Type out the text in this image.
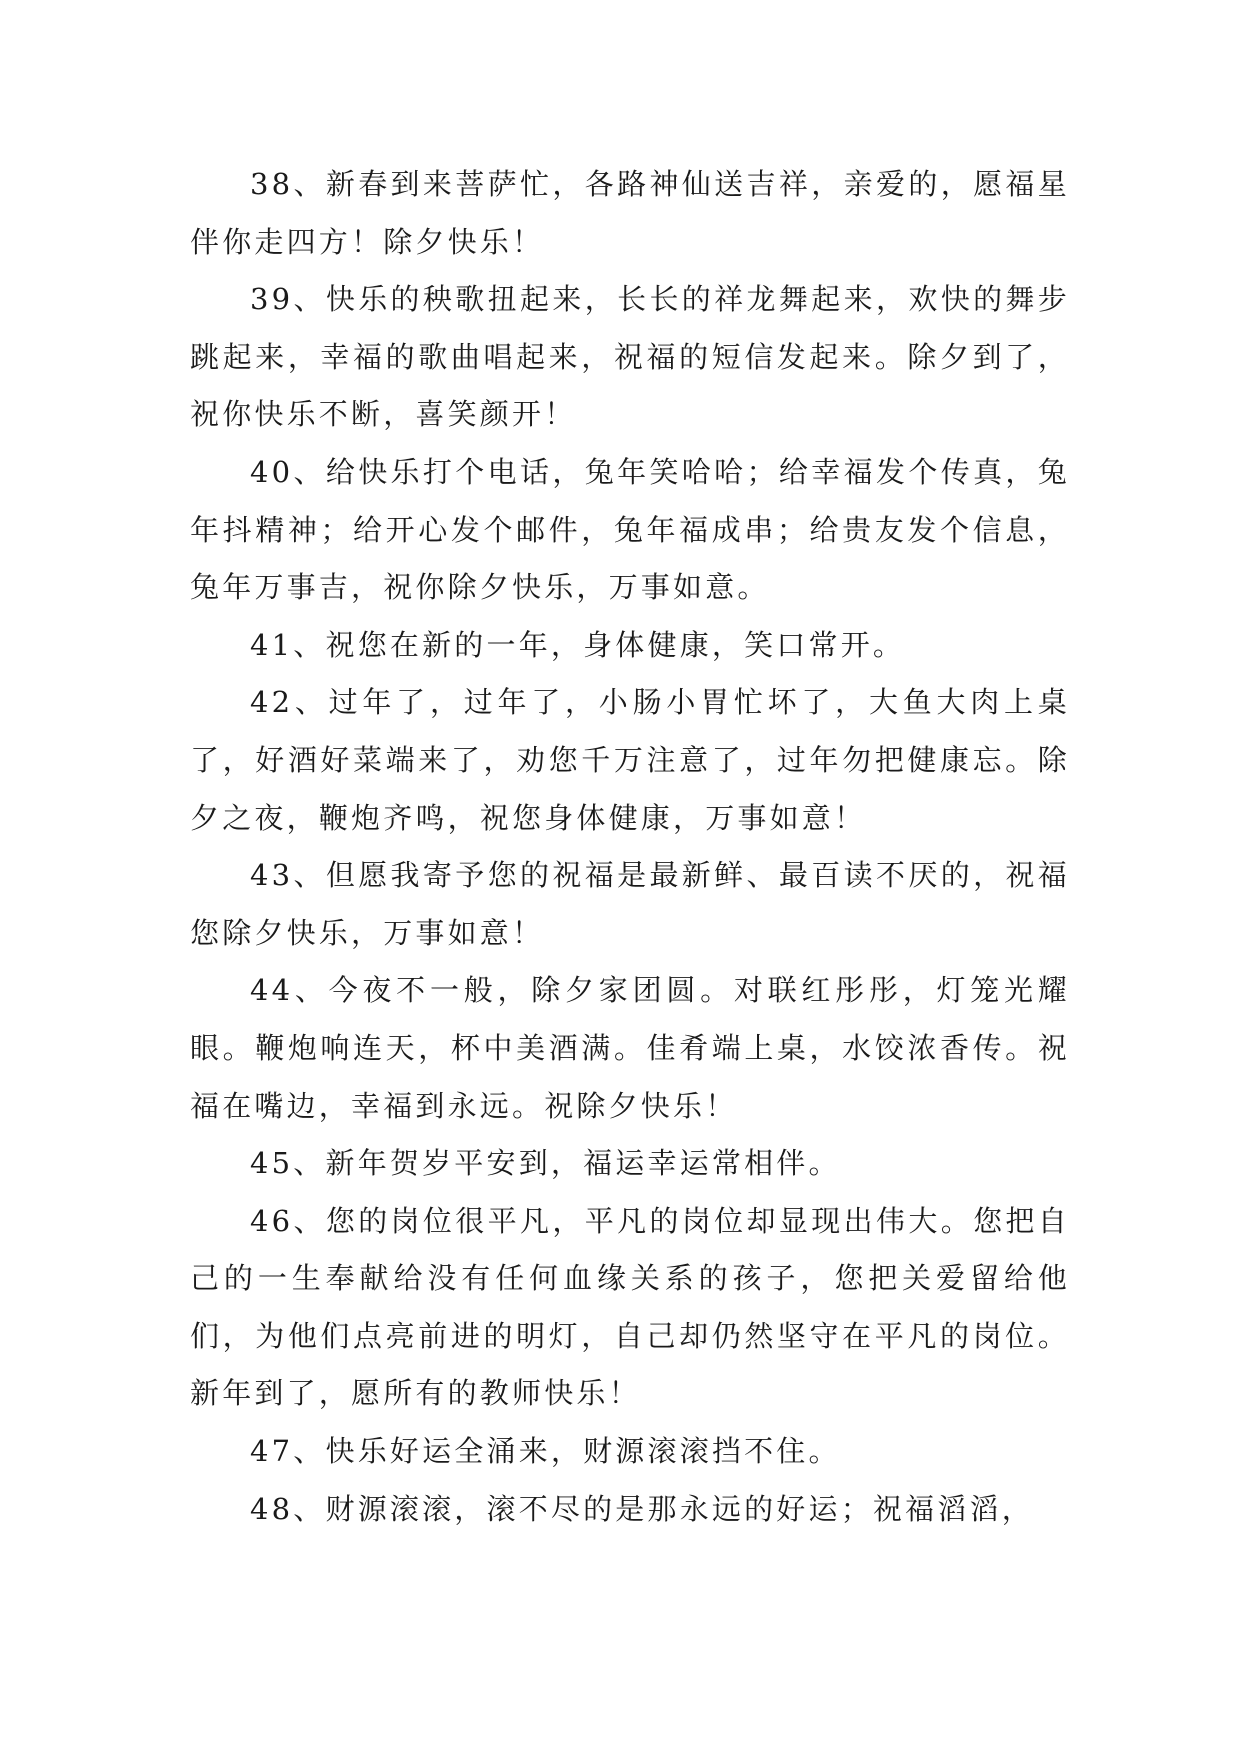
38、新春到来菩萨忙，各路神仙送吉祥，亲爱的，愿福星伴你走四方！除夕快乐！

39、快乐的秧歌扭起来，长长的祥龙舞起来，欢快的舞步跳起来，幸福的歌曲唱起来，祝福的短信发起来。除夕到了，祝你快乐不断，喜笑颜开！

40、给快乐打个电话，兔年笑哈哈；给幸福发个传真，兔年抖精神；给开心发个邮件，兔年福成串；给贵友发个信息，兔年万事吉，祝你除夕快乐，万事如意。

41、祝您在新的一年，身体健康，笑口常开。

42、过年了，过年了，小肠小胃忙坏了，大鱼大肉上桌了，好酒好菜端来了，劝您千万注意了，过年勿把健康忘。除夕之夜，鞭炮齐鸣，祝您身体健康，万事如意！

43、但愿我寄予您的祝福是最新鲜、最百读不厌的，祝福您除夕快乐，万事如意！

44、今夜不一般，除夕家团圆。对联红彤彤，灯笼光耀眼。鞭炮响连天，杯中美酒满。佳肴端上桌，水饺浓香传。祝福在嘴边，幸福到永远。祝除夕快乐！

45、新年贺岁平安到，福运幸运常相伴。

46、您的岗位很平凡，平凡的岗位却显现出伟大。您把自己的一生奉献给没有任何血缘关系的孩子，您把关爱留给他们，为他们点亮前进的明灯，自己却仍然坚守在平凡的岗位。新年到了，愿所有的教师快乐！

47、快乐好运全涌来，财源滚滚挡不住。

48、财源滚滚，滚不尽的是那永远的好运；祝福滔滔，
